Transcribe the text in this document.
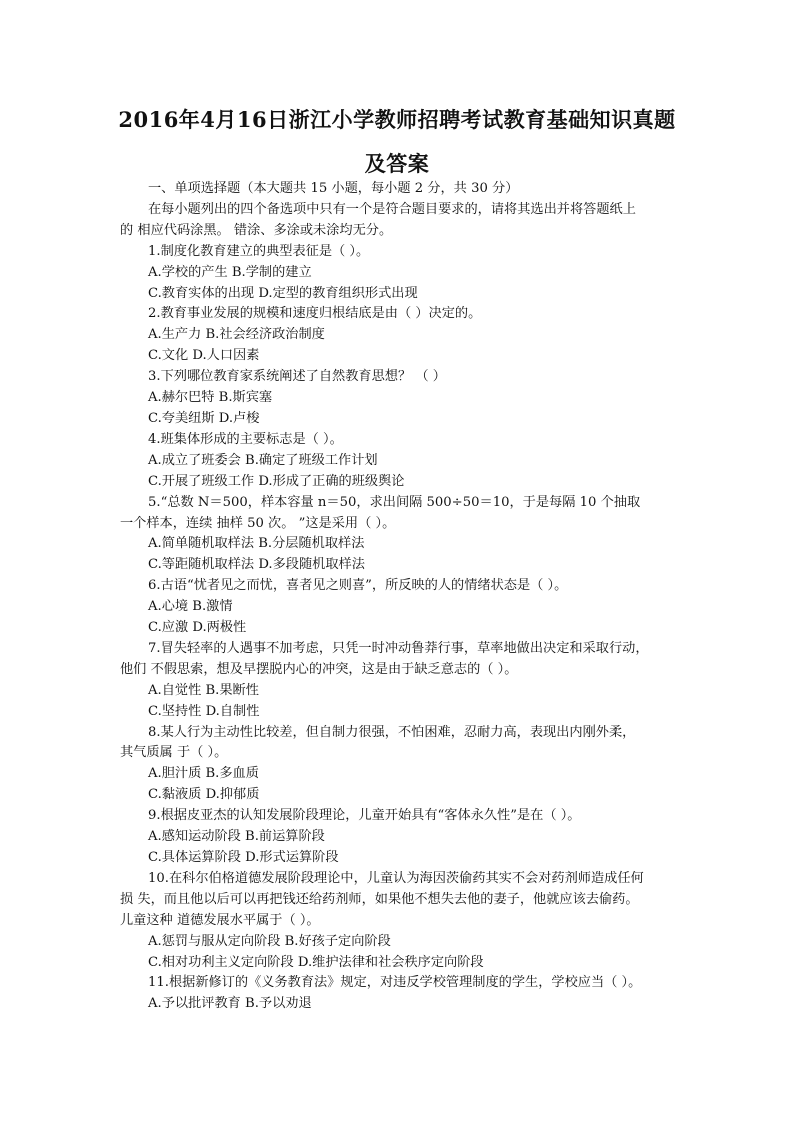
2016年4月16日浙江小学教师招聘考试教育基础知识真题
及答案

一、单项选择题（本大题共 15 小题，每小题 2 分，共 30 分）

在每小题列出的四个备选项中只有一个是符合题目要求的，请将其选出并将答题纸上

的 相应代码涂黑。 错涂、多涂或未涂均无分。

1.制度化教育建立的典型表征是（ ）。

A.学校的产生 B.学制的建立

C.教育实体的出现 D.定型的教育组织形式出现

2.教育事业发展的规模和速度归根结底是由（ ）决定的。

A.生产力 B.社会经济政治制度

C.文化 D.人口因素

3.下列哪位教育家系统阐述了自然教育思想？ （ ）

A.赫尔巴特 B.斯宾塞

C.夸美纽斯 D.卢梭

4.班集体形成的主要标志是（ ）。

A.成立了班委会 B.确定了班级工作计划

C.开展了班级工作 D.形成了正确的班级舆论

5.“总数 N＝500，样本容量 n＝50，求出间隔 500÷50＝10，于是每隔 10 个抽取

一个样本，连续 抽样 50 次。 ”这是采用（ ）。

A.简单随机取样法 B.分层随机取样法

C.等距随机取样法 D.多段随机取样法

6.古语“忧者见之而忧，喜者见之则喜”，所反映的人的情绪状态是（ ）。

A.心境 B.激情

C.应激 D.两极性

7.冒失轻率的人遇事不加考虑，只凭一时冲动鲁莽行事，草率地做出决定和采取行动，

他们 不假思索，想及早摆脱内心的冲突，这是由于缺乏意志的（ ）。

A.自觉性 B.果断性

C.坚持性 D.自制性

8.某人行为主动性比较差，但自制力很强，不怕困难，忍耐力高，表现出内刚外柔，

其气质属 于（ ）。

A.胆汁质 B.多血质

C.黏液质 D.抑郁质

9.根据皮亚杰的认知发展阶段理论，儿童开始具有“客体永久性”是在（ ）。

A.感知运动阶段 B.前运算阶段

C.具体运算阶段 D.形式运算阶段

10.在科尔伯格道德发展阶段理论中，儿童认为海因茨偷药其实不会对药剂师造成任何

损 失，而且他以后可以再把钱还给药剂师，如果他不想失去他的妻子，他就应该去偷药。

儿童这种 道德发展水平属于（ ）。

A.惩罚与服从定向阶段 B.好孩子定向阶段

C.相对功利主义定向阶段 D.维护法律和社会秩序定向阶段

11.根据新修订的《义务教育法》规定，对违反学校管理制度的学生，学校应当（ ）。

A.予以批评教育 B.予以劝退
